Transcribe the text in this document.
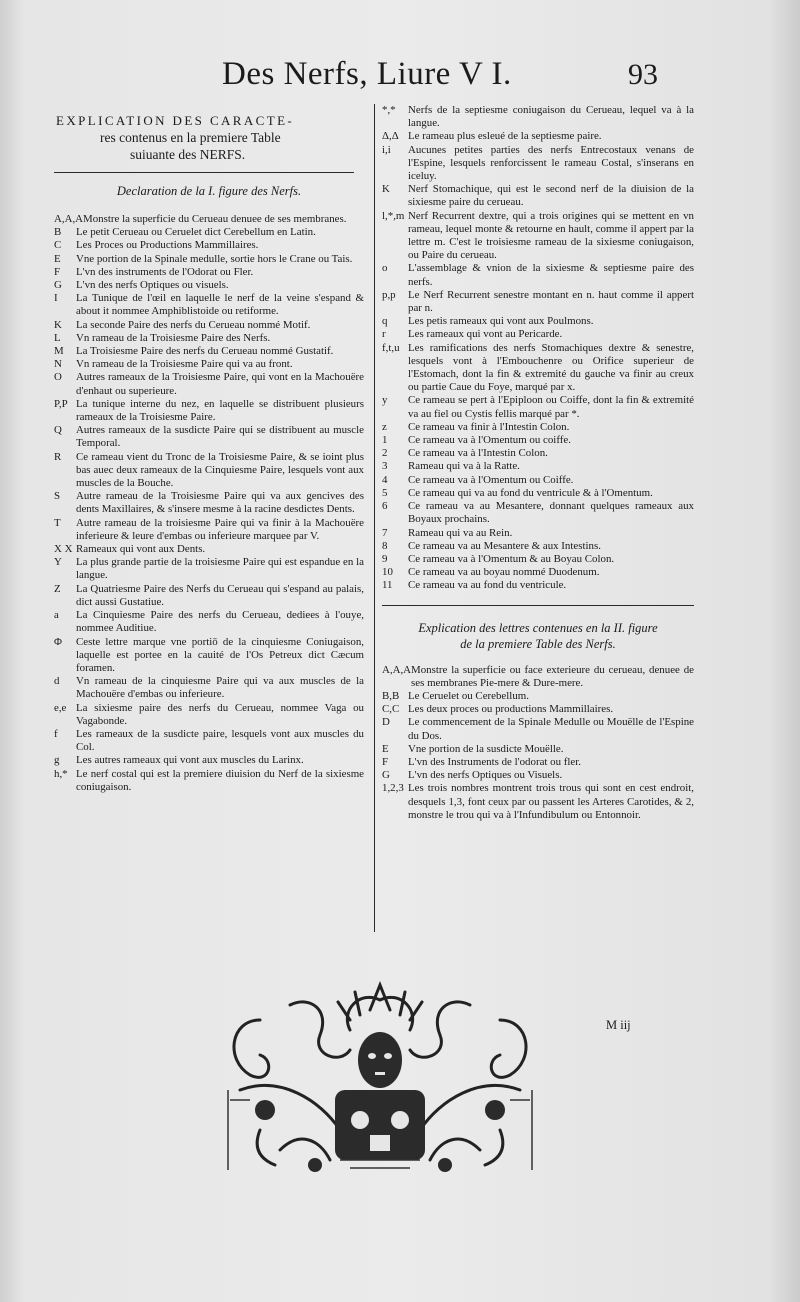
Des Nerfs, Liure V I.	93
EXPLICATION DES CARACTE-
res contenus en la premiere Table
suiuante des NERFS.
Declaration de la I. figure des Nerfs.
A,A,A Monstre la superficie du Cerueau denuee de ses membranes.
B	Le petit Cerueau ou Ceruelet dict Cerebellum en Latin.
C	Les Proces ou Productions Mammillaires.
E	Vne portion de la Spinale medulle, sortie hors le Crane ou Tais.
F	L'vn des instruments de l'Odorat ou Fler.
G	L'vn des nerfs Optiques ou visuels.
I	La Tunique de l'œil en laquelle le nerf de la veine s'espand & about it nommee Amphiblistoide ou retiforme.
K	La seconde Paire des nerfs du Cerueau nommé Motif.
L	Vn rameau de la Troisiesme Paire des Nerfs.
M	La Troisiesme Paire des nerfs du Cerueau nommé Gustatif.
N	Vn rameau de la Troisiesme Paire qui va au front.
O	Autres rameaux de la Troisiesme Paire, qui vont en la Machouëre d'enhaut ou superieure.
P,P La tunique interne du nez, en laquelle se distribuent plusieurs rameaux de la Troisiesme Paire.
Q	Autres rameaux de la susdicte Paire qui se distribuent au muscle Temporal.
R	Ce rameau vient du Tronc de la Troisiesme Paire, & se ioint plus bas auec deux rameaux de la Cinquiesme Paire, lesquels vont aux muscles de la Bouche.
S	Autre rameau de la Troisiesme Paire qui va aux gencives des dents Maxillaires, & s'insere mesme à la racine desdictes Dents.
T	Autre rameau de la troisiesme Paire qui va finir à la Machouëre inferieure & leure d'embas ou inferieure marquee par V.
X X Rameaux qui vont aux Dents.
Y	La plus grande partie de la troisiesme Paire qui est espandue en la langue.
Z	La Quatriesme Paire des Nerfs du Cerueau qui s'espand au palais, dict aussi Gustatiue.
a	La Cinquiesme Paire des nerfs du Cerueau, dediees à l'ouye, nommee Auditiue.
Φ	Ceste lettre marque vne portiō de la cinquiesme Coniugaison, laquelle est portee en la cauité de l'Os Petreux dict Cæcum foramen.
d	Vn rameau de la cinquiesme Paire qui va aux muscles de la Machouëre d'embas ou inferieure.
e,e La sixiesme paire des nerfs du Cerueau, nommee Vaga ou Vagabonde.
f	Les rameaux de la susdicte paire, lesquels vont aux muscles du Col.
g	Les autres rameaux qui vont aux muscles du Larinx.
h,* Le nerf costal qui est la premiere diuision du Nerf de la sixiesme coniugaison.
*,*	Nerfs de la septiesme coniugaison du Cerueau, lequel va à la langue.
Δ,Δ Le rameau plus esleué de la septiesme paire.
i,i	Aucunes petites parties des nerfs Entrecostaux venans de l'Espine, lesquels renforcissent le rameau Costal, s'inserans en iceluy.
K	Nerf Stomachique, qui est le second nerf de la diuision de la sixiesme paire du cerueau.
l,*,m Nerf Recurrent dextre, qui a trois origines qui se mettent en vn rameau, lequel monte & retourne en hault, comme il appert par la lettre m. C'est le troisiesme rameau de la sixiesme coniugaison, ou Paire du cerueau.
o	L'assemblage & vnion de la sixiesme & septiesme paire des nerfs.
p,p	Le Nerf Recurrent senestre montant en n. haut comme il appert par n.
q	Les petis rameaux qui vont aux Poulmons.
r	Les rameaux qui vont au Pericarde.
f,t,u Les ramifications des nerfs Stomachiques dextre & senestre, lesquels vont à l'Embouchenre ou Orifice superieur de l'Estomach, dont la fin & extremité du gauche va finir au creux ou partie Caue du Foye, marqué par x.
y	Ce rameau se pert à l'Epiploon ou Coiffe, dont la fin & extremité va au fiel ou Cystis fellis marqué par *.
z	Ce rameau va finir à l'Intestin Colon.
1	Ce rameau va à l'Omentum ou coiffe.
2	Ce rameau va à l'Intestin Colon.
3	Rameau qui va à la Ratte.
4	Ce rameau va à l'Omentum ou Coiffe.
5	Ce rameau qui va au fond du ventricule & à l'Omentum.
6	Ce rameau va au Mesantere, donnant quelques rameaux aux Boyaux prochains.
7	Rameau qui va au Rein.
8	Ce rameau va au Mesantere & aux Intestins.
9	Ce rameau va à l'Omentum & au Boyau Colon.
10	Ce rameau va au boyau nommé Duodenum.
11	Ce rameau va au fond du ventricule.
Explication des lettres contenues en la II. figure
de la premiere Table des Nerfs.
A,A,A Monstre la superficie ou face exterieure du cerueau, denuee de ses membranes Pie-mere & Dure-mere.
B,B Le Ceruelet ou Cerebellum.
C,C Les deux proces ou productions Mammillaires.
D	Le commencement de la Spinale Medulle ou Mouëlle de l'Espine du Dos.
E	Vne portion de la susdicte Mouëlle.
F	L'vn des Instruments de l'odorat ou fler.
G	L'vn des nerfs Optiques ou Visuels.
1,2,3 Les trois nombres montrent trois trous qui sont en cest endroit, desquels 1,3, font ceux par ou passent les Arteres Carotides, & 2, monstre le trou qui va à l'Infundibulum ou Entonnoir.
M iij
